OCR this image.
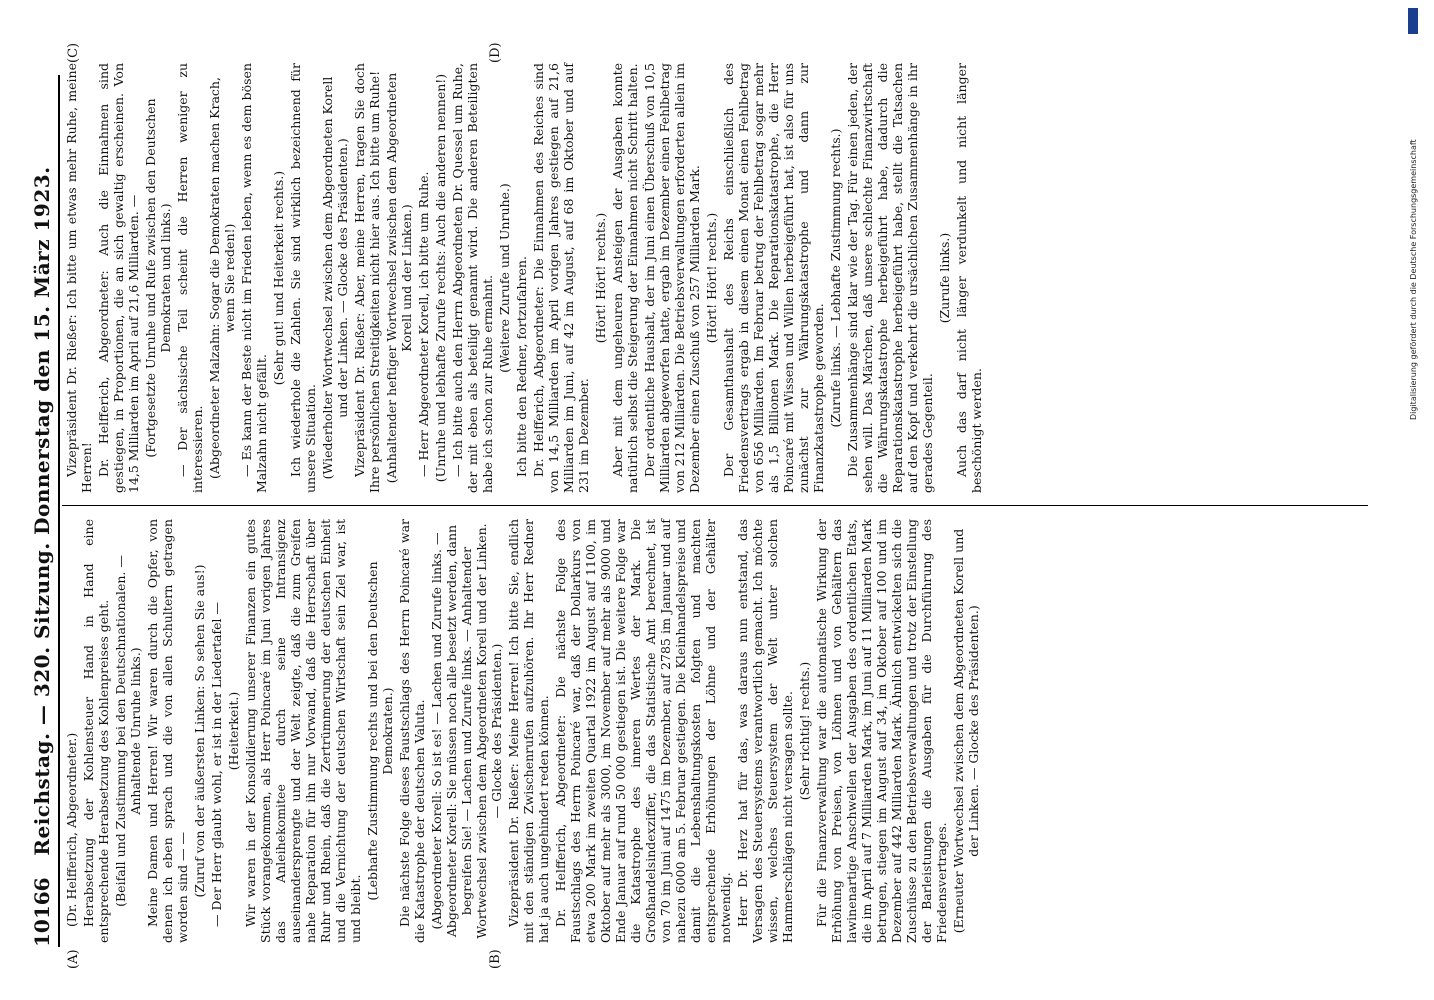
10166
Reichstag. — 320. Sitzung. Donnerstag den 15. März 1923.
(A)	(B)
(C)	(D)

(Dr. Helfferich, Abgeordneter.) Herabsetzung der Kohlensteuer Hand in Hand eine entsprechende Herabsetzung des Kohlenpreises geht. (Beifall und Zustimmung bei den Deutschnationalen. — Anhaltende Unruhe links.) Meine Damen und Herren! Wir waren durch die Opfer, von denen ich eben sprach und die von allen Schultern getragen worden sind — — (Zuruf von der äußersten Linken: So sehen Sie aus!) — Der Herr glaubt wohl, er ist in der Liedertafel — (Heiterkeit.) Wir waren in der Konsolidierung unserer Finanzen ein gutes Stück vorangekommen, als Herr Poincaré im Juni vorigen Jahres das Anleihekomitee durch seine Intransigenz auseinandersprengte und der Welt zeigte, daß die zum Greifen nahe Reparation für ihn nur Vorwand, daß die Herrschaft über Ruhr und Rhein, daß die Zertrümmerung der deutschen Einheit und die Vernichtung der deutschen Wirtschaft sein Ziel war, ist und bleibt.

(Lebhafte Zustimmung rechts und bei den Deutschen Demokraten.) Die nächste Folge dieses Faustschlags des Herrn Poincaré war die Katastrophe der deutschen Valuta. (Abgeordneter Korell: So ist es! — Lachen und Zurufe links. — Abgeordneter Korell: Sie müssen noch alle besetzt werden, dann begreifen Sie! — Lachen und Zurufe links. — Anhaltender Wortwechsel zwischen dem Abgeordneten Korell und der Linken. — Glocke des Präsidenten.) Vizepräsident Dr. Rießer: Meine Herren! Ich bitte Sie, endlich mit den ständigen Zwischenrufen aufzuhören. Ihr Herr Redner hat ja auch ungehindert reden können. Dr. Helfferich, Abgeordneter: Die nächste Folge des Faustschlags des Herrn Poincaré war, daß der Dollarkurs von etwa 200 Mark im zweiten Quartal 1922 im August auf 1100, im Oktober auf mehr als 3000, im November auf mehr als 9000 und Ende Januar auf rund 50 000 gestiegen ist. Die weitere Folge war die Katastrophe des inneren Wertes der Mark. Die Großhandelsindexziffer, die das Statistische Amt berechnet, ist von 70 im Juni auf 1475 im Dezember, auf 2785 im Januar und auf nahezu 6000 am 5. Februar gestiegen. Die Kleinhandelspreise und damit die Lebenshaltungskosten folgten und machten entsprechende Erhöhungen der Löhne und der Gehälter notwendig. Herr Dr. Herz hat für das, was daraus nun entstand, das Versagen des Steuersystems verantwortlich gemacht. Ich möchte wissen, welches Steuersystem der Welt unter solchen Hammerschlägen nicht versagen sollte. (Sehr richtig! rechts.) Für die Finanzverwaltung war die automatische Wirkung der Erhöhung von Preisen, von Löhnen und von Gehältern das lawinenartige Anschwellen der Ausgaben des ordentlichen Etats, die im April auf 7 Milliarden Mark, im Juni auf 11 Milliarden Mark betrugen, stiegen im August auf 34, im Oktober auf 100 und im Dezember auf 442 Milliarden Mark. Ähnlich entwickelten sich die Zuschüsse zu den Betriebsverwaltungen und trotz der Einstellung der Barleistungen die Ausgaben für die Durchführung des Friedensvertrages. (Erneuter Wortwechsel zwischen dem Abgeordneten Korell und der Linken. — Glocke des Präsidenten.)

Vizepräsident Dr. Rießer: Ich bitte um etwas mehr Ruhe, meine Herren! Dr. Helfferich, Abgeordneter: Auch die Einnahmen sind gestiegen, in Proportionen, die an sich gewaltig erscheinen. Von 14,5 Milliarden im April auf 21,6 Milliarden. — (Fortgesetzte Unruhe und Rufe zwischen den Deutschen Demokraten und links.) — Der sächsische Teil scheint die Herren weniger zu interessieren. (Abgeordneter Malzahn: Sogar die Demokraten machen Krach, wenn Sie reden!) — Es kann der Beste nicht im Frieden leben, wenn es dem bösen Malzahn nicht gefällt.

(Sehr gut! und Heiterkeit rechts.) Ich wiederhole die Zahlen. Sie sind wirklich bezeichnend für unsere Situation. (Wiederholter Wortwechsel zwischen dem Abgeordneten Korell und der Linken. — Glocke des Präsidenten.) Vizepräsident Dr. Rießer: Aber, meine Herren, tragen Sie doch Ihre persönlichen Streitigkeiten nicht hier aus. Ich bitte um Ruhe! (Anhaltender heftiger Wortwechsel zwischen dem Abgeordneten Korell und der Linken.) — Herr Abgeordneter Korell, ich bitte um Ruhe. (Unruhe und lebhafte Zurufe rechts: Auch die anderen nennen!) — Ich bitte auch den Herrn Abgeordneten Dr. Quessel um Ruhe, der mit eben als beteiligt genannt wird. Die anderen Beteiligten habe ich schon zur Ruhe ermahnt. (Weitere Zurufe und Unruhe.) Ich bitte den Redner, fortzufahren. Dr. Helfferich, Abgeordneter: Die Einnahmen des Reiches sind von 14,5 Milliarden im April vorigen Jahres gestiegen auf 21,6 Milliarden im Juni, auf 42 im August, auf 68 im Oktober und auf 231 im Dezember.

(Hört! Hört! rechts.) Aber mit dem ungeheuren Ansteigen der Ausgaben konnte natürlich selbst die Steigerung der Einnahmen nicht Schritt halten. Der ordentliche Haushalt, der im Juni einen Überschuß von 10,5 Milliarden abgeworfen hatte, ergab im Dezember einen Fehlbetrag von 212 Milliarden. Die Betriebsverwaltungen erforderten allein im Dezember einen Zuschuß von 257 Milliarden Mark. (Hört! Hört! rechts.) Der Gesamthaushalt des Reichs einschließlich des Friedensvertrags ergab in diesem einen Monat einen Fehlbetrag von 656 Milliarden. Im Februar betrug der Fehlbetrag sogar mehr als 1,5 Billionen Mark. Die Reparationskatastrophe, die Herr Poincaré mit Wissen und Willen herbeigeführt hat, ist also für uns zunächst zur Währungskatastrophe und dann zur Finanzkatastrophe geworden. (Zurufe links. — Lebhafte Zustimmung rechts.) Die Zusammenhänge sind klar wie der Tag. Für einen jeden, der sehen will. Das Märchen, daß unsere schlechte Finanzwirtschaft die Währungskatastrophe herbeigeführt habe, dadurch die Reparationskatastrophe herbeigeführt habe, stellt die Tatsachen auf den Kopf und verkehrt die ursächlichen Zusammenhänge in ihr gerades Gegenteil.

(Zurufe links.) Auch das darf nicht länger verdunkelt und nicht länger beschönigt werden.

Digitalisierung gefördert durch die Deutsche Forschungsgemeinschaft
